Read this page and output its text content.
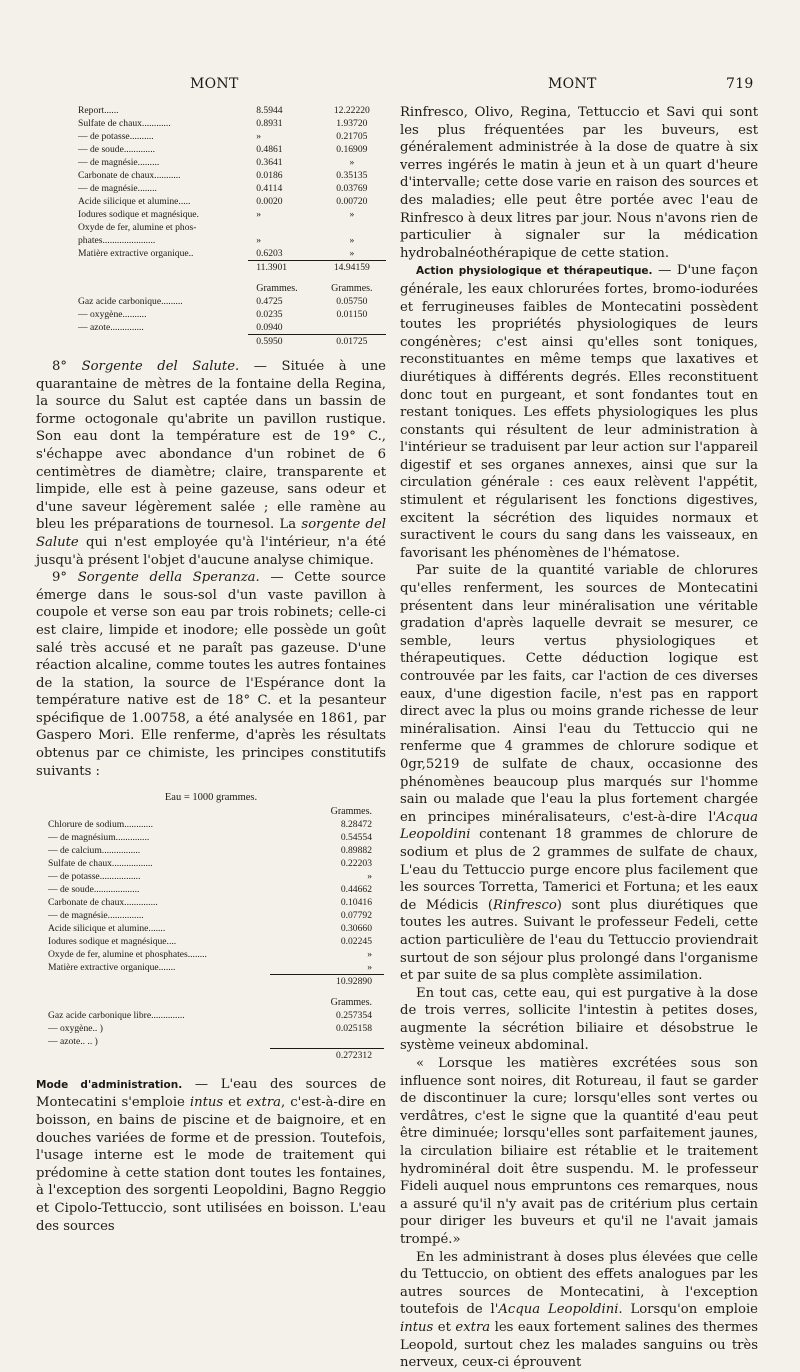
MONT	MONT	719
Report......	8.5944	12.22220
Sulfate de chaux............	0.8931	1.93720
— de potasse..........	»	0.21705
— de soude.............	0.4861	0.16909
— de magnésie.........	0.3641	»
Carbonate de chaux...........	0.0186	0.35135
— de magnésie........	0.4114	0.03769
Acide silicique et alumine.....	0.0020	0.00720
Iodures sodique et magnésique.	»	»
Oxyde de fer, alumine et phos-		
phates......................	»	»
Matière extractive organique..	0.6203	»
	11.3901	14.94159

	Grammes.	Grammes.
Gaz acide carbonique.........	0.4725	0.05750
— oxygène..........	0.0235	0.01150
— azote..............	0.0940	
	0.5950	0.01725

8° Sorgente del Salute. — Située à une quarantaine de mètres de la fontaine della Regina, la source du Salut est captée dans un bassin de forme octogonale qu'abrite un pavillon rustique. Son eau dont la température est de 19° C., s'échappe avec abondance d'un robinet de 6 centimètres de diamètre; claire, transparente et limpide, elle est à peine gazeuse, sans odeur et d'une saveur légèrement salée ; elle ramène au bleu les préparations de tournesol. La sorgente del Salute qui n'est employée qu'à l'intérieur, n'a été jusqu'à présent l'objet d'aucune analyse chimique.

9° Sorgente della Speranza. — Cette source émerge dans le sous-sol d'un vaste pavillon à coupole et verse son eau par trois robinets; celle-ci est claire, limpide et inodore; elle possède un goût salé très accusé et ne paraît pas gazeuse. D'une réaction alcaline, comme toutes les autres fontaines de la station, la source de l'Espérance dont la température native est de 18° C. et la pesanteur spécifique de 1.00758, a été analysée en 1861, par Gaspero Mori. Elle renferme, d'après les résultats obtenus par ce chimiste, les principes constitutifs suivants :

Eau = 1000 grammes.
	Grammes.
Chlorure de sodium............	8.28472
— de magnésium..............	0.54554
— de calcium................	0.89882
Sulfate de chaux.................	0.22203
— de potasse.................	»
— de soude...................	0.44662
Carbonate de chaux..............	0.10416
— de magnésie...............	0.07792
Acide silicique et alumine.......	0.30660
Iodures sodique et magnésique....	0.02245
Oxyde de fer, alumine et phosphates........	»
Matière extractive organique.......	»
	10.92890

	Grammes.
Gaz acide carbonique libre..............	0.257354
— oxygène.. )	0.025158
— azote.. .. )	
	0.272312

Mode d'administration. — L'eau des sources de Montecatini s'emploie intus et extra, c'est-à-dire en boisson, en bains de piscine et de baignoire, et en douches variées de forme et de pression. Toutefois, l'usage interne est le mode de traitement qui prédomine à cette station dont toutes les fontaines, à l'exception des sorgenti Leopoldini, Bagno Reggio et Cipolo-Tettuccio, sont utilisées en boisson. L'eau des sources

Rinfresco, Olivo, Regina, Tettuccio et Savi qui sont les plus fréquentées par les buveurs, est généralement administrée à la dose de quatre à six verres ingérés le matin à jeun et à un quart d'heure d'intervalle; cette dose varie en raison des sources et des maladies; elle peut être portée avec l'eau de Rinfresco à deux litres par jour. Nous n'avons rien de particulier à signaler sur la médication hydrobalnéothérapique de cette station.

Action physiologique et thérapeutique. — D'une façon générale, les eaux chlorurées fortes, bromo-iodurées et ferrugineuses faibles de Montecatini possèdent toutes les propriétés physiologiques de leurs congénères; c'est ainsi qu'elles sont toniques, reconstituantes en même temps que laxatives et diurétiques à différents degrés. Elles reconstituent donc tout en purgeant, et sont fondantes tout en restant toniques. Les effets physiologiques les plus constants qui résultent de leur administration à l'intérieur se traduisent par leur action sur l'appareil digestif et ses organes annexes, ainsi que sur la circulation générale : ces eaux relèvent l'appétit, stimulent et régularisent les fonctions digestives, excitent la sécrétion des liquides normaux et suractivent le cours du sang dans les vaisseaux, en favorisant les phénomènes de l'hématose.

Par suite de la quantité variable de chlorures qu'elles renferment, les sources de Montecatini présentent dans leur minéralisation une véritable gradation d'après laquelle devrait se mesurer, ce semble, leurs vertus physiologiques et thérapeutiques. Cette déduction logique est controuvée par les faits, car l'action de ces diverses eaux, d'une digestion facile, n'est pas en rapport direct avec la plus ou moins grande richesse de leur minéralisation. Ainsi l'eau du Tettuccio qui ne renferme que 4 grammes de chlorure sodique et 0gr,5219 de sulfate de chaux, occasionne des phénomènes beaucoup plus marqués sur l'homme sain ou malade que l'eau la plus fortement chargée en principes minéralisateurs, c'est-à-dire l'Acqua Leopoldini contenant 18 grammes de chlorure de sodium et plus de 2 grammes de sulfate de chaux, L'eau du Tettuccio purge encore plus facilement que les sources Torretta, Tamerici et Fortuna; et les eaux de Médicis (Rinfresco) sont plus diurétiques que toutes les autres. Suivant le professeur Fedeli, cette action particulière de l'eau du Tettuccio proviendrait surtout de son séjour plus prolongé dans l'organisme et par suite de sa plus complète assimilation.

En tout cas, cette eau, qui est purgative à la dose de trois verres, sollicite l'intestin à petites doses, augmente la sécrétion biliaire et désobstrue le système veineux abdominal.

« Lorsque les matières excrétées sous son influence sont noires, dit Rotureau, il faut se garder de discontinuer la cure; lorsqu'elles sont vertes ou verdâtres, c'est le signe que la quantité d'eau peut être diminuée; lorsqu'elles sont parfaitement jaunes, la circulation biliaire est rétablie et le traitement hydrominéral doit être suspendu. M. le professeur Fideli auquel nous empruntons ces remarques, nous a assuré qu'il n'y avait pas de critérium plus certain pour diriger les buveurs et qu'il ne l'avait jamais trompé.»

En les administrant à doses plus élevées que celle du Tettuccio, on obtient des effets analogues par les autres sources de Montecatini, à l'exception toutefois de l'Acqua Leopoldini. Lorsqu'on emploie intus et extra les eaux fortement salines des thermes Leopold, surtout chez les malades sanguins ou très nerveux, ceux-ci éprouvent
